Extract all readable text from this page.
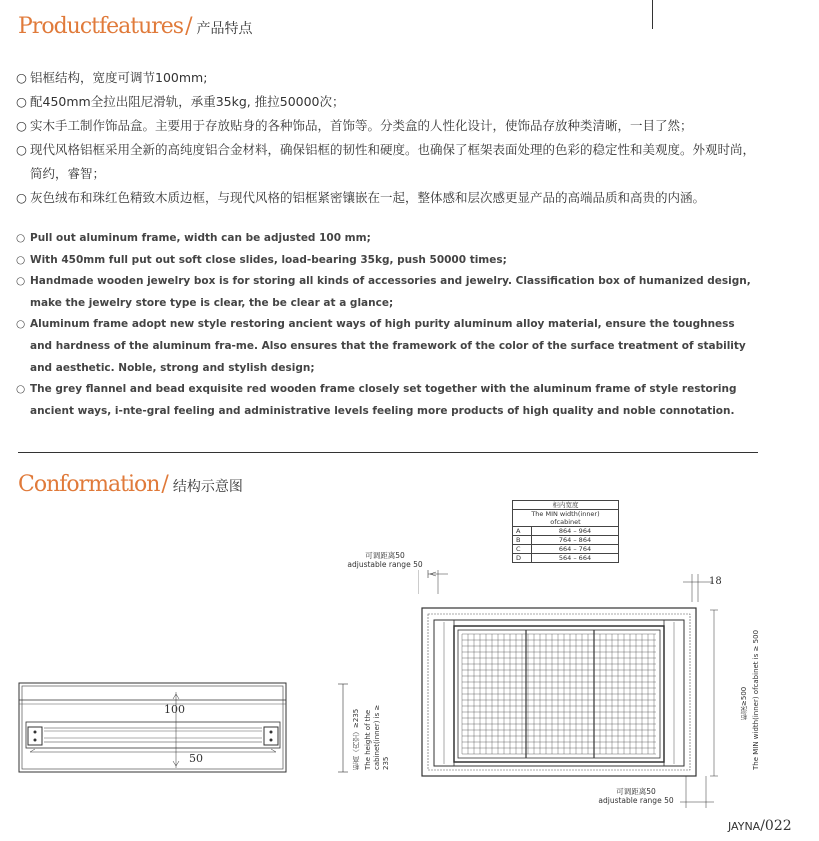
Productfeatures/ 产品特点
○ 铝框结构，宽度可调节100mm;
○ 配450mm全拉出阻尼滑轨，承重35kg, 推拉50000次；
○ 实木手工制作饰品盒。主要用于存放贴身的各种饰品，首饰等。分类盒的人性化设计，使饰品存放种类清晰，一目了然；
○ 现代风格铝框采用全新的高纯度铝合金材料，确保铝框的韧性和硬度。也确保了框架表面处理的色彩的稳定性和美观度。外观时尚，简约，睿智；
○ 灰色绒布和珠红色精致木质边框，与现代风格的铝框紧密镶嵌在一起，整体感和层次感更显产品的高端品质和高贵的内涵。
○ Pull out aluminum frame, width can be adjusted 100 mm;
○ With 450mm full put out soft close slides, load-bearing 35kg, push 50000 times;
○ Handmade wooden jewelry box is for storing all kinds of accessories and jewelry. Classification box of humanized design, make the jewelry store type is clear, the be clear at a glance;
○ Aluminum frame adopt new style restoring ancient ways of high purity aluminum alloy material, ensure the toughness and hardness of the aluminum fra-me. Also ensures that the framework of the color of the surface treatment of stability and aesthetic. Noble, strong and stylish design;
○ The grey flannel and bead exquisite red wooden frame closely set together with the aluminum frame of style restoring ancient ways, i-nte-gral feeling and administrative levels feeling more products of high quality and noble connotation.
Conformation/ 结构示意图
柜内宽度	
The MIN width(inner) ofcabinet	
A	864 – 964
B	764 – 864
C	664 – 764
D	564 – 664
可调距离50
adjustable range 50
可调距离50
adjustable range 50
100
50	柜高（内空）≥235 The height of the cabinet(inner) is ≥ 235
18
柜深≥500 The MIN width(inner) ofcabinet is ≥ 500
JAYNA/022
